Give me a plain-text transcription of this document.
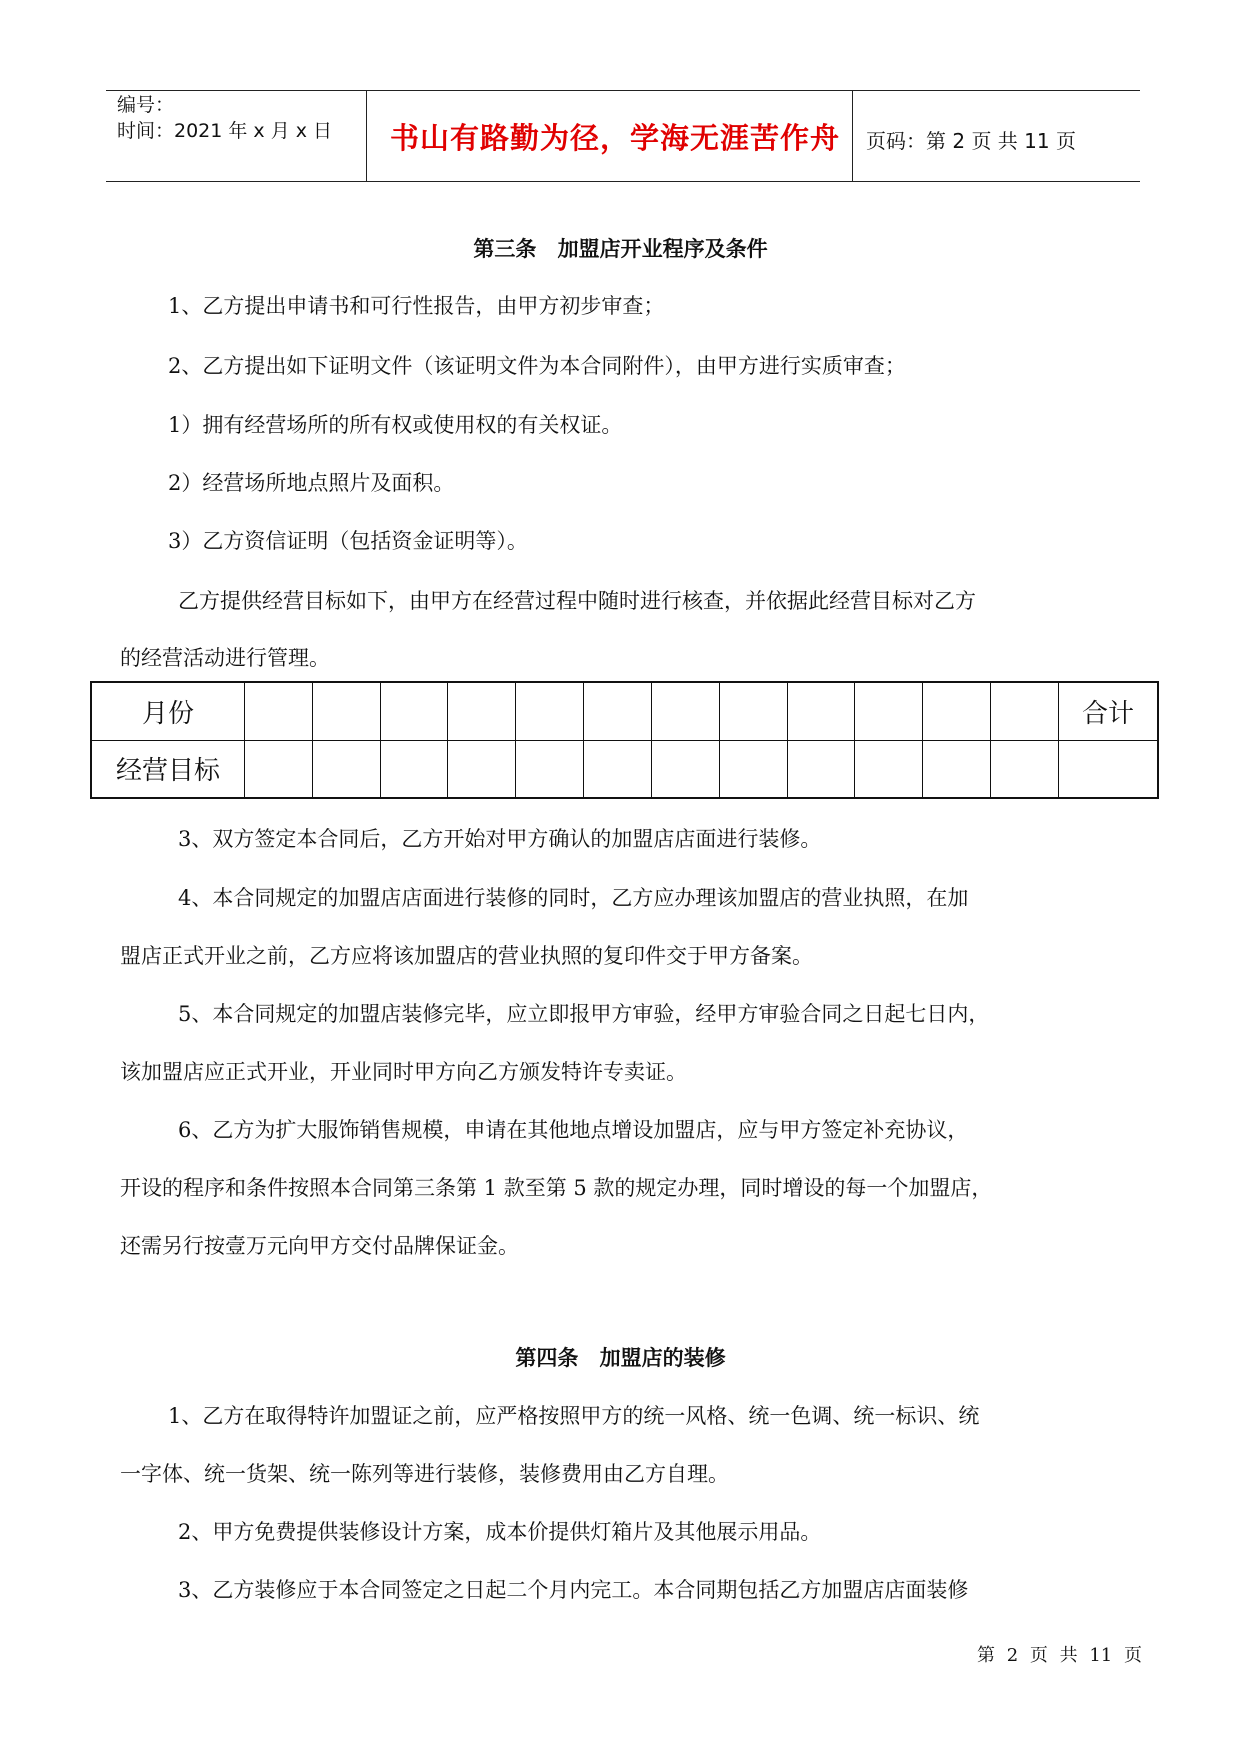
编号：
时间：2021 年 x 月 x 日 书山有路勤为径，学海无涯苦作舟 页码：第 2 页 共 11 页
第三条 加盟店开业程序及条件
1、乙方提出申请书和可行性报告，由甲方初步审查；
2、乙方提出如下证明文件（该证明文件为本合同附件），由甲方进行实质审查；
1）拥有经营场所的所有权或使用权的有关权证。
2）经营场所地点照片及面积。
3）乙方资信证明（包括资金证明等）。
乙方提供经营目标如下，由甲方在经营过程中随时进行核查，并依据此经营目标对乙方
的经营活动进行管理。
月份													合计
经营目标													
3、双方签定本合同后，乙方开始对甲方确认的加盟店店面进行装修。
4、本合同规定的加盟店店面进行装修的同时，乙方应办理该加盟店的营业执照，在加
盟店正式开业之前，乙方应将该加盟店的营业执照的复印件交于甲方备案。
5、本合同规定的加盟店装修完毕，应立即报甲方审验，经甲方审验合同之日起七日内，
该加盟店应正式开业，开业同时甲方向乙方颁发特许专卖证。
6、乙方为扩大服饰销售规模，申请在其他地点增设加盟店，应与甲方签定补充协议，
开设的程序和条件按照本合同第三条第 1 款至第 5 款的规定办理，同时增设的每一个加盟店，
还需另行按壹万元向甲方交付品牌保证金。
第四条 加盟店的装修
1、乙方在取得特许加盟证之前，应严格按照甲方的统一风格、统一色调、统一标识、统
一字体、统一货架、统一陈列等进行装修，装修费用由乙方自理。
2、甲方免费提供装修设计方案，成本价提供灯箱片及其他展示用品。
3、乙方装修应于本合同签定之日起二个月内完工。本合同期包括乙方加盟店店面装修
第 2 页 共 11 页
